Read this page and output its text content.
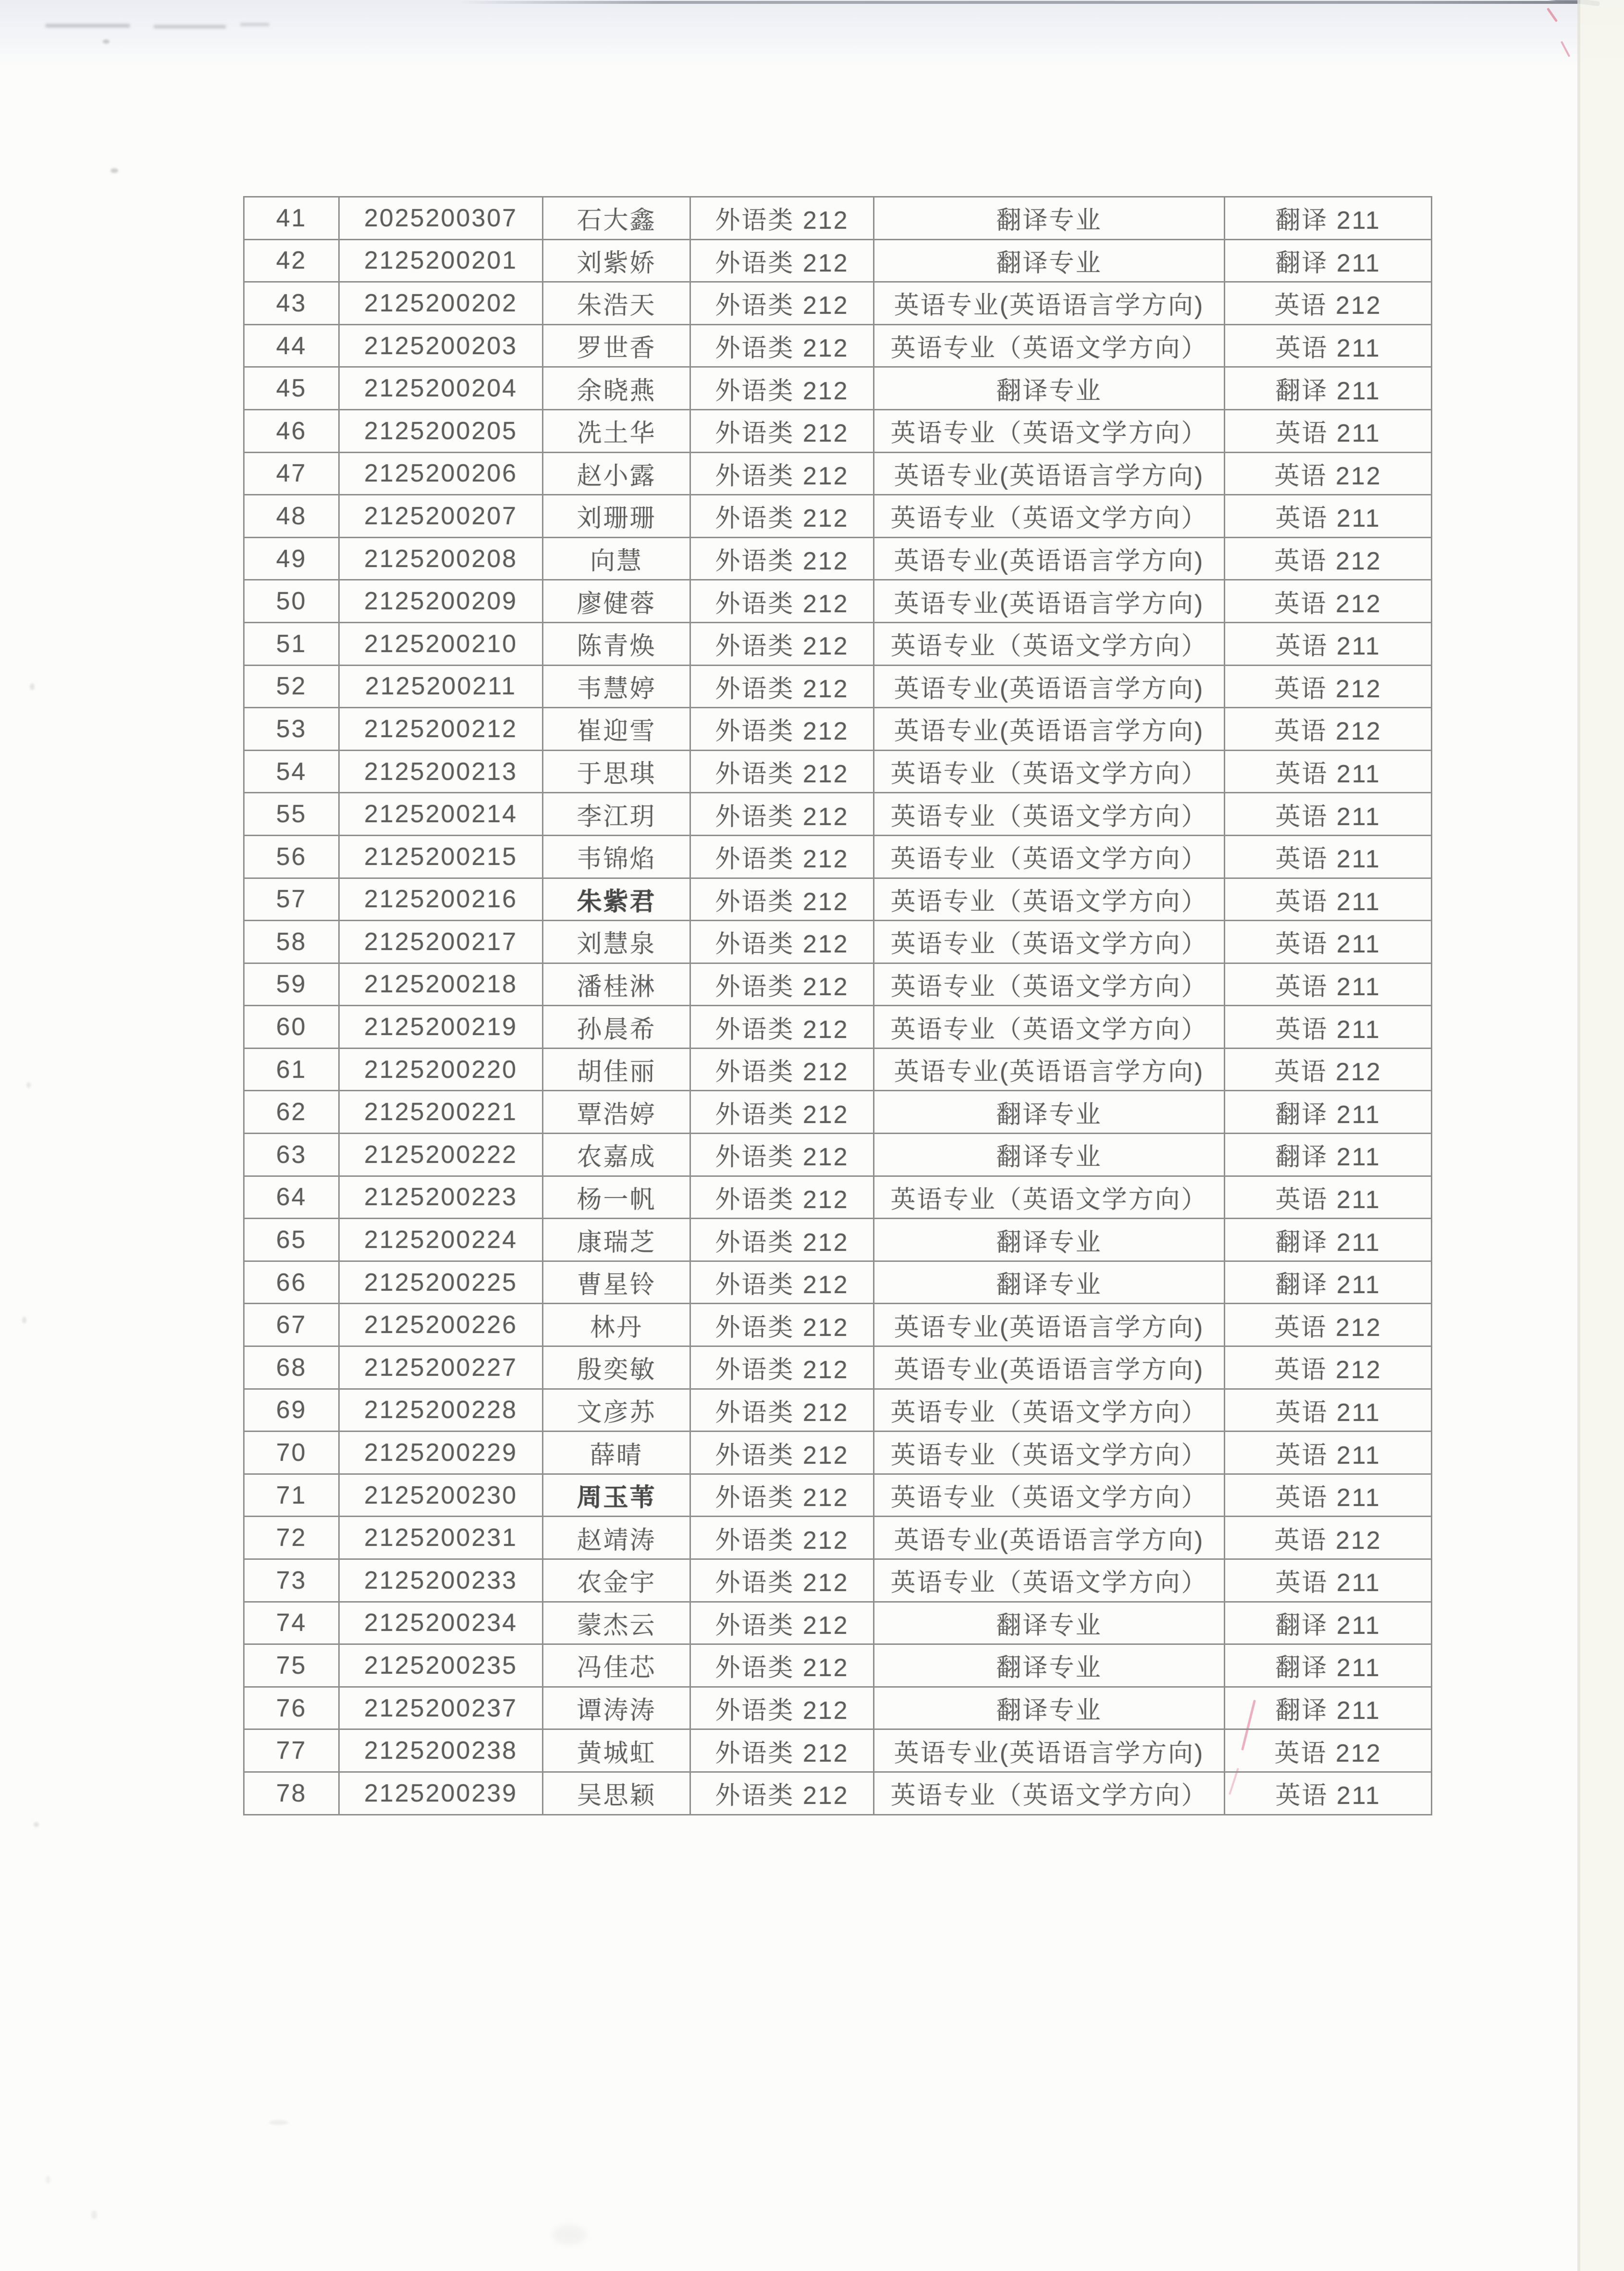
41	2025200307	石大鑫	外语类 212	翻译专业	翻译 211
42	2125200201	刘紫娇	外语类 212	翻译专业	翻译 211
43	2125200202	朱浩天	外语类 212	英语专业(英语语言学方向)	英语 212
44	2125200203	罗世香	外语类 212	英语专业（英语文学方向）	英语 211
45	2125200204	余晓燕	外语类 212	翻译专业	翻译 211
46	2125200205	冼土华	外语类 212	英语专业（英语文学方向）	英语 211
47	2125200206	赵小露	外语类 212	英语专业(英语语言学方向)	英语 212
48	2125200207	刘珊珊	外语类 212	英语专业（英语文学方向）	英语 211
49	2125200208	向慧	外语类 212	英语专业(英语语言学方向)	英语 212
50	2125200209	廖健蓉	外语类 212	英语专业(英语语言学方向)	英语 212
51	2125200210	陈青焕	外语类 212	英语专业（英语文学方向）	英语 211
52	2125200211	韦慧婷	外语类 212	英语专业(英语语言学方向)	英语 212
53	2125200212	崔迎雪	外语类 212	英语专业(英语语言学方向)	英语 212
54	2125200213	于思琪	外语类 212	英语专业（英语文学方向）	英语 211
55	2125200214	李江玥	外语类 212	英语专业（英语文学方向）	英语 211
56	2125200215	韦锦焰	外语类 212	英语专业（英语文学方向）	英语 211
57	2125200216	朱紫君	外语类 212	英语专业（英语文学方向）	英语 211
58	2125200217	刘慧泉	外语类 212	英语专业（英语文学方向）	英语 211
59	2125200218	潘桂淋	外语类 212	英语专业（英语文学方向）	英语 211
60	2125200219	孙晨希	外语类 212	英语专业（英语文学方向）	英语 211
61	2125200220	胡佳丽	外语类 212	英语专业(英语语言学方向)	英语 212
62	2125200221	覃浩婷	外语类 212	翻译专业	翻译 211
63	2125200222	农嘉成	外语类 212	翻译专业	翻译 211
64	2125200223	杨一帆	外语类 212	英语专业（英语文学方向）	英语 211
65	2125200224	康瑞芝	外语类 212	翻译专业	翻译 211
66	2125200225	曹星铃	外语类 212	翻译专业	翻译 211
67	2125200226	林丹	外语类 212	英语专业(英语语言学方向)	英语 212
68	2125200227	殷奕敏	外语类 212	英语专业(英语语言学方向)	英语 212
69	2125200228	文彦苏	外语类 212	英语专业（英语文学方向）	英语 211
70	2125200229	薛晴	外语类 212	英语专业（英语文学方向）	英语 211
71	2125200230	周玉苇	外语类 212	英语专业（英语文学方向）	英语 211
72	2125200231	赵靖涛	外语类 212	英语专业(英语语言学方向)	英语 212
73	2125200233	农金宇	外语类 212	英语专业（英语文学方向）	英语 211
74	2125200234	蒙杰云	外语类 212	翻译专业	翻译 211
75	2125200235	冯佳芯	外语类 212	翻译专业	翻译 211
76	2125200237	谭涛涛	外语类 212	翻译专业	翻译 211
77	2125200238	黄城虹	外语类 212	英语专业(英语语言学方向)	英语 212
78	2125200239	吴思颖	外语类 212	英语专业（英语文学方向）	英语 211
